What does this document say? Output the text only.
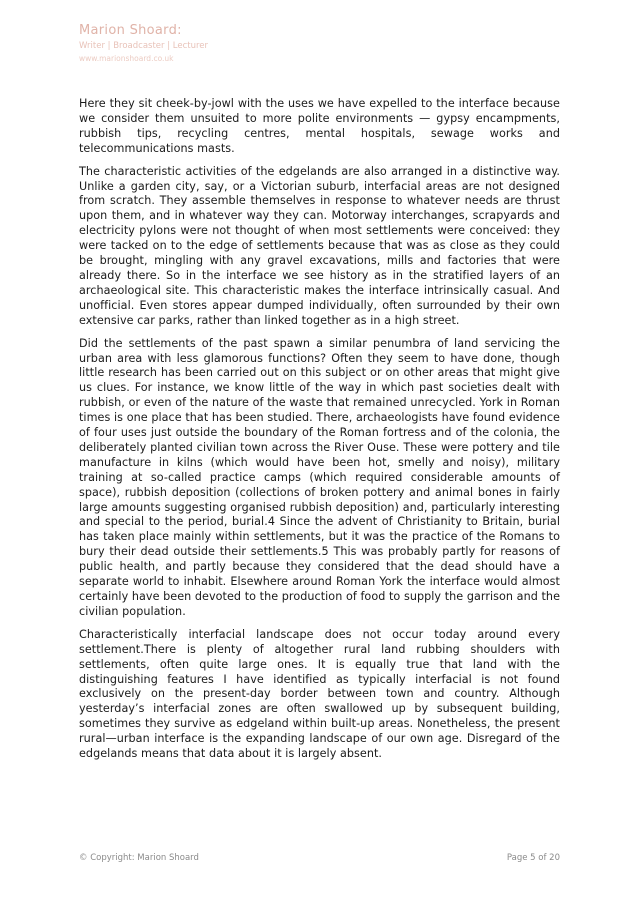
Marion Shoard:
Writer | Broadcaster | Lecturer
www.marionshoard.co.uk

Here they sit cheek-by-jowl with the uses we have expelled to the interface because we consider them unsuited to more polite environments — gypsy encampments, rubbish tips, recycling centres, mental hospitals, sewage works and telecommunications masts.

The characteristic activities of the edgelands are also arranged in a distinctive way. Unlike a garden city, say, or a Victorian suburb, interfacial areas are not designed from scratch. They assemble themselves in response to whatever needs are thrust upon them, and in whatever way they can. Motorway interchanges, scrapyards and electricity pylons were not thought of when most settlements were conceived: they were tacked on to the edge of settlements because that was as close as they could be brought, mingling with any gravel excavations, mills and factories that were already there. So in the interface we see history as in the stratified layers of an archaeological site. This characteristic makes the interface intrinsically casual. And unofficial. Even stores appear dumped individually, often surrounded by their own extensive car parks, rather than linked together as in a high street.

Did the settlements of the past spawn a similar penumbra of land servicing the urban area with less glamorous functions? Often they seem to have done, though little research has been carried out on this subject or on other areas that might give us clues. For instance, we know little of the way in which past societies dealt with rubbish, or even of the nature of the waste that remained unrecycled. York in Roman times is one place that has been studied. There, archaeologists have found evidence of four uses just outside the boundary of the Roman fortress and of the colonia, the deliberately planted civilian town across the River Ouse. These were pottery and tile manufacture in kilns (which would have been hot, smelly and noisy), military training at so-called practice camps (which required considerable amounts of space), rubbish deposition (collections of broken pottery and animal bones in fairly large amounts suggesting organised rubbish deposition) and, particularly interesting and special to the period, burial.4 Since the advent of Christianity to Britain, burial has taken place mainly within settlements, but it was the practice of the Romans to bury their dead outside their settlements.5 This was probably partly for reasons of public health, and partly because they considered that the dead should have a separate world to inhabit. Elsewhere around Roman York the interface would almost certainly have been devoted to the production of food to supply the garrison and the civilian population.

Characteristically interfacial landscape does not occur today around every settlement.There is plenty of altogether rural land rubbing shoulders with settlements, often quite large ones. It is equally true that land with the distinguishing features I have identified as typically interfacial is not found exclusively on the present-day border between town and country. Although yesterday’s interfacial zones are often swallowed up by subsequent building, sometimes they survive as edgeland within built-up areas. Nonetheless, the present rural—urban interface is the expanding landscape of our own age. Disregard of the edgelands means that data about it is largely absent.

© Copyright: Marion Shoard	Page 5 of 20
